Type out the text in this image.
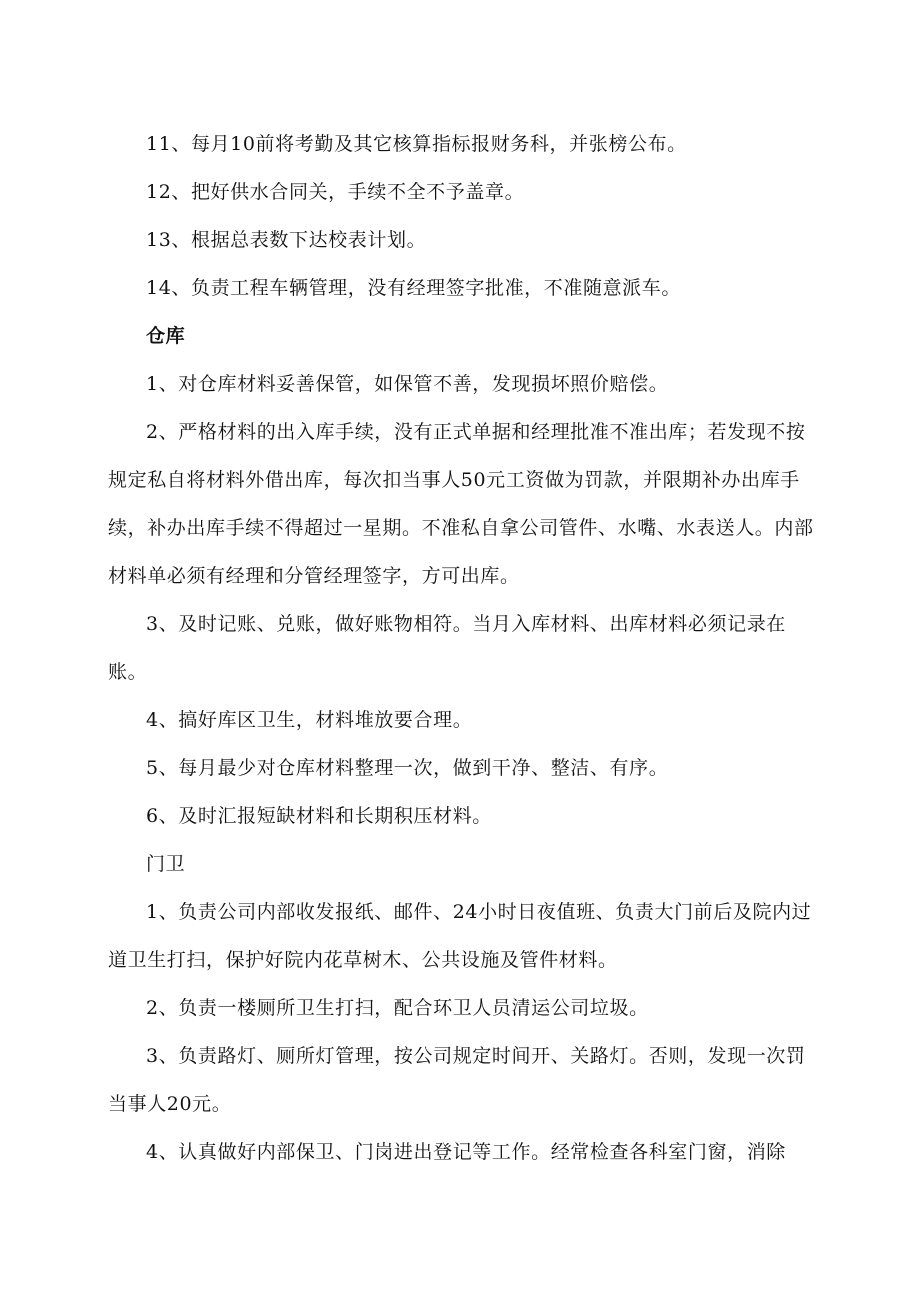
11、每月10前将考勤及其它核算指标报财务科，并张榜公布。

12、把好供水合同关，手续不全不予盖章。

13、根据总表数下达校表计划。

14、负责工程车辆管理，没有经理签字批准，不准随意派车。

仓库

1、对仓库材料妥善保管，如保管不善，发现损坏照价赔偿。

2、严格材料的出入库手续，没有正式单据和经理批准不准出库；若发现不按规定私自将材料外借出库，每次扣当事人50元工资做为罚款，并限期补办出库手续，补办出库手续不得超过一星期。不准私自拿公司管件、水嘴、水表送人。内部材料单必须有经理和分管经理签字，方可出库。

3、及时记账、兑账，做好账物相符。当月入库材料、出库材料必须记录在账。

4、搞好库区卫生，材料堆放要合理。

5、每月最少对仓库材料整理一次，做到干净、整洁、有序。

6、及时汇报短缺材料和长期积压材料。

门卫

1、负责公司内部收发报纸、邮件、24小时日夜值班、负责大门前后及院内过道卫生打扫，保护好院内花草树木、公共设施及管件材料。

2、负责一楼厕所卫生打扫，配合环卫人员清运公司垃圾。

3、负责路灯、厕所灯管理，按公司规定时间开、关路灯。否则，发现一次罚当事人20元。

4、认真做好内部保卫、门岗进出登记等工作。经常检查各科室门窗，消除
